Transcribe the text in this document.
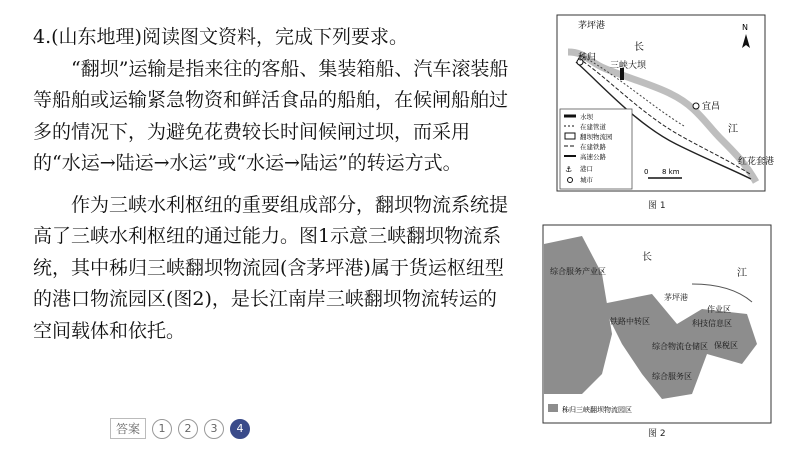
4.(山东地理)阅读图文资料，完成下列要求。

“翻坝”运输是指来往的客船、集装箱船、汽车滚装船等船舶或运输紧急物资和鲜活食品的船舶，在候闸船舶过多的情况下，为避免花费较长时间候闸过坝，而采用的“水运→陆运→水运”或“水运→陆运”的转运方式。

作为三峡水利枢纽的重要组成部分，翻坝物流系统提高了三峡水利枢纽的通过能力。图1示意三峡翻坝物流系统，其中秭归三峡翻坝物流园(含茅坪港)属于货运枢纽型的港口物流园区(图2)，是长江南岸三峡翻坝物流转运的空间载体和依托。

答案	1	2	3	4
茅坪港
秭归
三峡大坝
宜昌
红花套港
长
江
N
水坝
在建管道
翻坝物流园
在建铁路
高速公路
港口
城市
⚓	0 8 km
图 1
综合服务产业区
铁路中转区
综合物流仓储区
综合服务区
科技信息区
保税区
作业区
茅坪港
长
江
秭归三峡翻坝物流园区
图 2
